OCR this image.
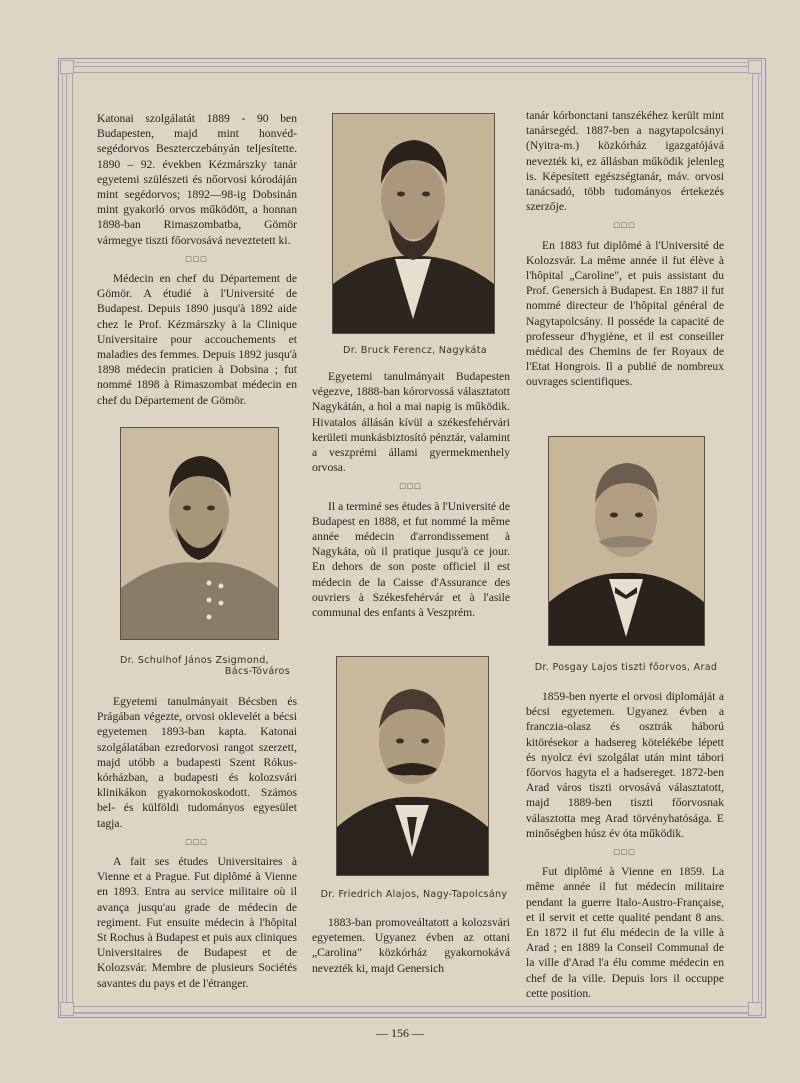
Katonai szolgálatát 1889 - 90 ben Budapesten, majd mint honvéd-segédorvos Beszterczebányán teljesítette. 1890 – 92. években Kézmárszky tanár egyetemi szülészeti és nőorvosi kórodáján mint segédorvos; 1892—98-ig Dobsinán mint gyakorló orvos működött, a honnan 1898-ban Rimaszombatba, Gömör vármegye tiszti főorvosává neveztetett ki.

□□□

Médecin en chef du Département de Gömör. A étudié à l'Université de Budapest. Depuis 1890 jusqu'à 1892 aide chez le Prof. Kézmárszky à la Clinique Universitaire pour accouchements et maladies des femmes. Depuis 1892 jusqu'à 1898 médecin praticien à Dobsina ; fut nommé 1898 à Rimaszombat médecin en chef du Département de Gömör.

Dr. Schulhof János Zsigmond,
Bács-Tóváros

Egyetemi tanulmányait Bécsben és Prágában végezte, orvosi oklevelét a bécsi egyetemen 1893-ban kapta. Katonai szolgálatában ezredorvosi rangot szerzett, majd utóbb a budapesti Szent Rókus-kórházban, a budapesti és kolozsvári klinikákon gyakornokoskodott. Számos bel- és külföldi tudományos egyesület tagja.

□□□

A fait ses études Universitaires à Vienne et a Prague. Fut diplômé à Vienne en 1893. Entra au service militaire où il avança jusqu'au grade de médecin de regiment. Fut ensuite médecin à l'hôpital St Rochus à Budapest et puis aux cliniques Universitaires de Budapest et de Kolozsvár. Membre de plusieurs Sociétés savantes du pays et de l'étranger.

Dr. Bruck Ferencz, Nagykáta

Egyetemi tanulmányait Budapesten végezve, 1888-ban kórorvossá választatott Nagykátán, a hol a mai napig is működik. Hivatalos állásán kívül a székesfehérvári kerületi munkásbiztosító pénztár, valamint a veszprémi állami gyermekmenhely orvosa.

□□□

Il a terminé ses études à l'Université de Budapest en 1888, et fut nommé la même année médecin d'arrondissement à Nagykáta, où il pratique jusqu'à ce jour. En dehors de son poste officiel il est médecin de la Caisse d'Assurance des ouvriers à Székesfehérvár et à l'asile communal des enfants à Veszprém.

Dr. Friedrich Alajos, Nagy-Tapolcsány

1883-ban promoveáltatott a kolozsvári egyetemen. Ugyanez évben az ottani „Carolina" közkórház gyakornokává nevezték ki, majd Genersich

tanár kórbonctani tanszékéhez került mint tanársegéd. 1887-ben a nagytapolcsányi (Nyitra-m.) közkórház igazgatójává nevezték ki, ez állásban működik jelenleg is. Képesített egészségtanár, máv. orvosi tanácsadó, több tudományos értekezés szerzője.

□□□

En 1883 fut diplômé à l'Université de Kolozsvár. La même année il fut élève à l'hôpital „Caroline", et puis assistant du Prof. Genersich à Budapest. En 1887 il fut nommé directeur de l'hôpital général de Nagytapolcsány. Il posséde la capacité de professeur d'hygiène, et il est conseiller médical des Chemins de fer Royaux de l'Etat Hongrois. Il a publié de nombreux ouvrages scientifiques.

Dr. Posgay Lajos tiszti főorvos, Arad

1859-ben nyerte el orvosi diplomáját a bécsi egyetemen. Ugyanez évben a franczia-olasz és osztrák háború kitörésekor a hadsereg kötelékébe lépett és nyolcz évi szolgálat után mint tábori főorvos hagyta el a hadsereget. 1872-ben Arad város tiszti orvosává választatott, majd 1889-ben tiszti főorvosnak választotta meg Arad törvényhatósága. E minőségben húsz év óta működik.

□□□

Fut diplômé à Vienne en 1859. La même année il fut médecin militaire pendant la guerre Italo-Austro-Française, et il servit et cette qualité pendant 8 ans. En 1872 il fut élu médecin de la ville à Arad ; en 1889 la Conseil Communal de la ville d'Arad l'a élu comme médecin en chef de la ville. Depuis lors il occuppe cette position.

— 156 —
